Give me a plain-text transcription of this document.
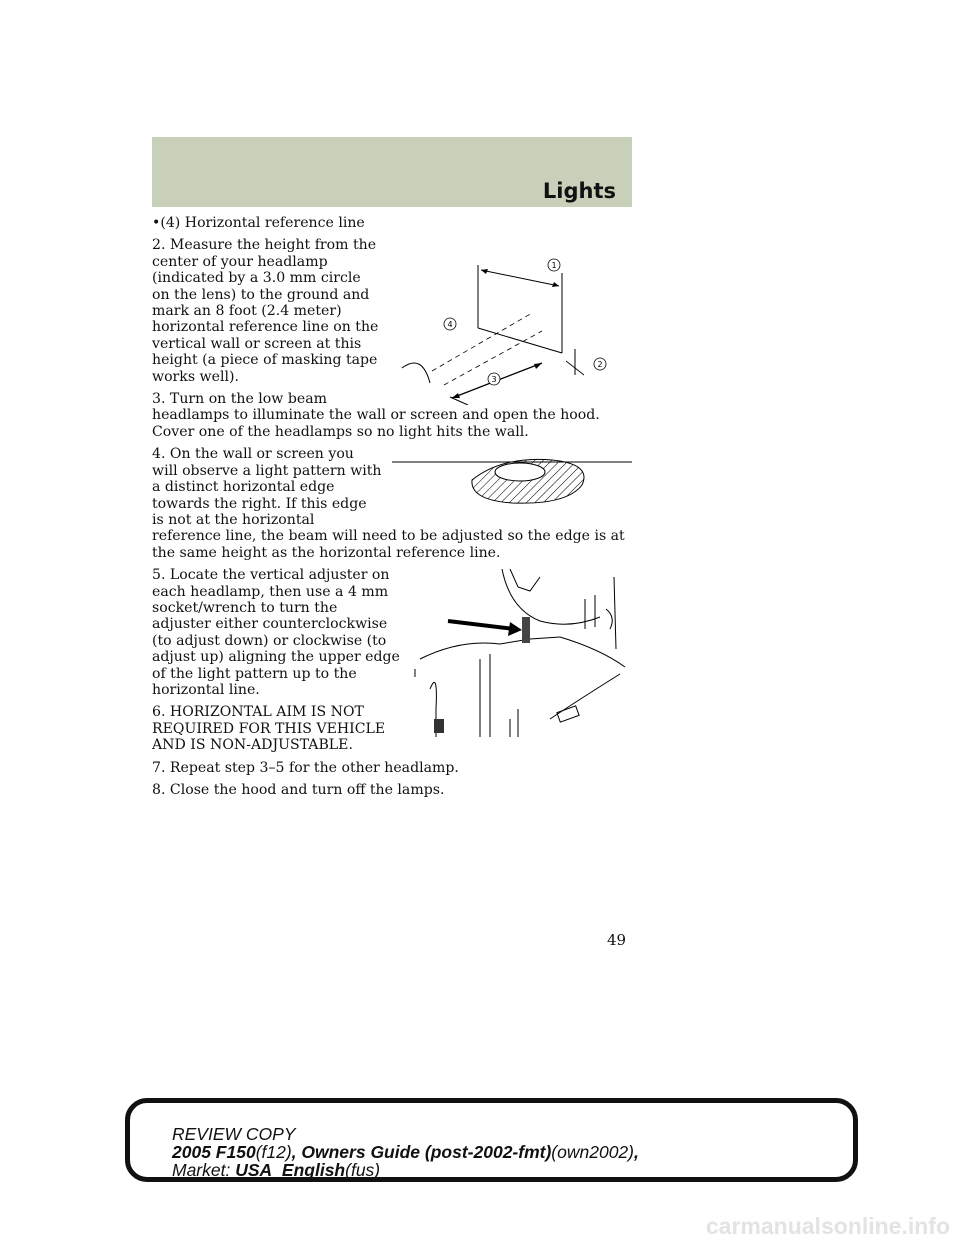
Lights
•(4) Horizontal reference line
1
2
3
4

2. Measure the height from the center of your headlamp (indicated by a 3.0 mm circle on the lens) to the ground and mark an 8 foot (2.4 meter) horizontal reference line on the vertical wall or screen at this height (a piece of masking tape works well).

3. Turn on the low beam headlamps to illuminate the wall or screen and open the hood. Cover one of the headlamps so no light hits the wall.

4. On the wall or screen you will observe a light pattern with a distinct horizontal edge towards the right. If this edge is not at the horizontal reference line, the beam will need to be adjusted so the edge is at the same height as the horizontal reference line.

5. Locate the vertical adjuster on each headlamp, then use a 4 mm socket/wrench to turn the adjuster either counterclockwise (to adjust down) or clockwise (to adjust up) aligning the upper edge of the light pattern up to the horizontal line.

6. HORIZONTAL AIM IS NOT REQUIRED FOR THIS VEHICLE AND IS NON-ADJUSTABLE.

7. Repeat step 3–5 for the other headlamp.

8. Close the hood and turn off the lamps.

49
REVIEW COPY
2005 F150(f12), Owners Guide (post-2002-fmt)(own2002),
Market: USA_English(fus)
carmanualsonline.info
